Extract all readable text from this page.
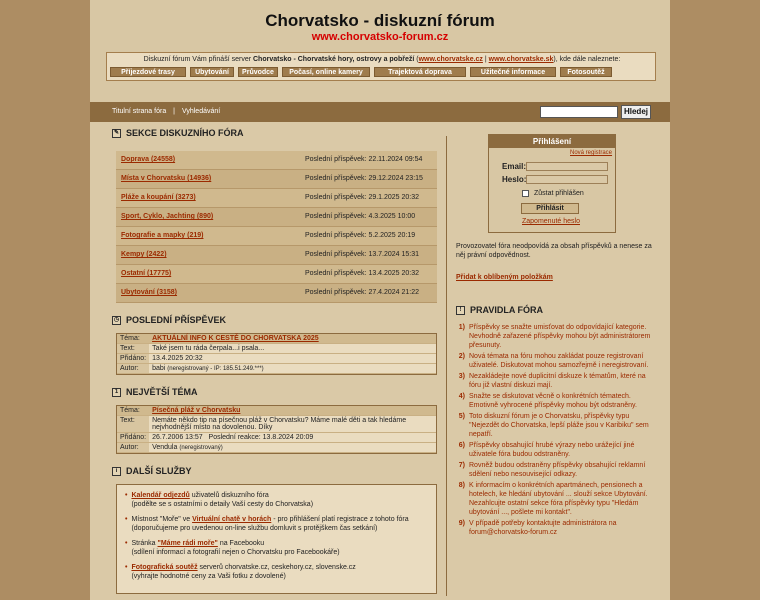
Chorvatsko - diskuzní fórum
www.chorvatsko-forum.cz
Diskuzní fórum Vám přináší server Chorvatsko - Chorvatské hory, ostrovy a pobřeží (www.chorvatske.cz | www.chorvatske.sk), kde dále naleznete:
Příjezdové trasy	Ubytování	Průvodce	Počasí, online kamery	Trajektová doprava	Užitečné informace	Fotosoutěž
Titulní strana fóra | Vyhledávání	Hledej
✎ SEKCE DISKUZNÍHO FÓRA
Doprava (24558)	Poslední příspěvek: 22.11.2024 09:54
Místa v Chorvatsku (14936)	Poslední příspěvek: 29.12.2024 23:15
Pláže a koupání (3273)	Poslední příspěvek: 29.1.2025 20:32
Sport, Cyklo, Jachting (890)	Poslední příspěvek: 4.3.2025 10:00
Fotografie a mapky (219)	Poslední příspěvek: 5.2.2025 20:19
Kempy (2422)	Poslední příspěvek: 13.7.2024 15:31
Ostatní (17775)	Poslední příspěvek: 13.4.2025 20:32
Ubytování (3158)	Poslední příspěvek: 27.4.2024 21:22
◷ POSLEDNÍ PŘÍSPĚVEK
Téma:	AKTUÁLNÍ INFO K CESTĚ DO CHORVATSKA 2025
Text:	Také jsem tu ráda čerpala...i psala...
Přidáno:	13.4.2025 20:32
Autor:	babi (neregistrovaný - IP: 185.51.249.***)
1 NEJVĚTŠÍ TÉMA
Téma:	Písečná pláž v Chorvatsku
Text:	Nemáte někdo tip na písečnou pláž v Chorvatsku? Máme malé děti a tak hledáme nejvhodnější místo na dovolenou. Díky
Přidáno:	26.7.2006 13:57 Poslední reakce: 13.8.2024 20:09
Autor:	Vendula (neregistrovaný)
i DALŠÍ SLUŽBY
• Kalendář odjezdů uživatelů diskuzního fóra
(podělte se s ostatními o detaily Vaší cesty do Chorvatska)
• Místnost "Moře" ve Virtuální chatě v horách - pro přihlášení platí registrace z tohoto fóra
(doporučujeme pro uvedenou on-line službu domluvit s protějškem čas setkání)
• Stránka "Máme rádi moře" na Facebooku
(sdílení informací a fotografií nejen o Chorvatsku pro Facebookáře)
• Fotografická soutěž serverů chorvatske.cz, ceskehory.cz, slovenske.cz
(vyhrajte hodnotné ceny za Vaši fotku z dovolené)
Přihlášení
Nová registrace
Email:
Heslo:
Zůstat přihlášen
Přihlásit
Zapomenuté heslo
Provozovatel fóra neodpovídá za obsah příspěvků a nenese za něj právní odpovědnost.
Přidat k oblíbeným položkám
! PRAVIDLA FÓRA
1) Příspěvky se snažte umisťovat do odpovídající kategorie. Nevhodně zařazené příspěvky mohou být administrátorem přesunuty.
2) Nová témata na fóru mohou zakládat pouze registrovaní uživatelé. Diskutovat mohou samozřejmě i neregistrovaní.
3) Nezakládejte nové duplicitní diskuze k tématům, které na fóru již vlastní diskuzi mají.
4) Snažte se diskutovat věcně o konkrétních tématech. Emotivně vyhrocené příspěvky mohou být odstraněny.
5) Toto diskuzní fórum je o Chorvatsku, příspěvky typu "Nejezdět do Chorvatska, lepší pláže jsou v Karibiku" sem nepatří.
6) Příspěvky obsahující hrubé výrazy nebo urážející jiné uživatele fóra budou odstraněny.
7) Rovněž budou odstraněny příspěvky obsahující reklamní sdělení nebo nesouvisející odkazy.
8) K informacím o konkrétních apartmánech, pensionech a hotelech, ke hledání ubytování ... slouží sekce Ubytování. Nezahlcujte ostatní sekce fóra příspěvky typu "Hledám ubytování ..., pošlete mi kontakt".
9) V případě potřeby kontaktujte administrátora na forum@chorvatsko-forum.cz
